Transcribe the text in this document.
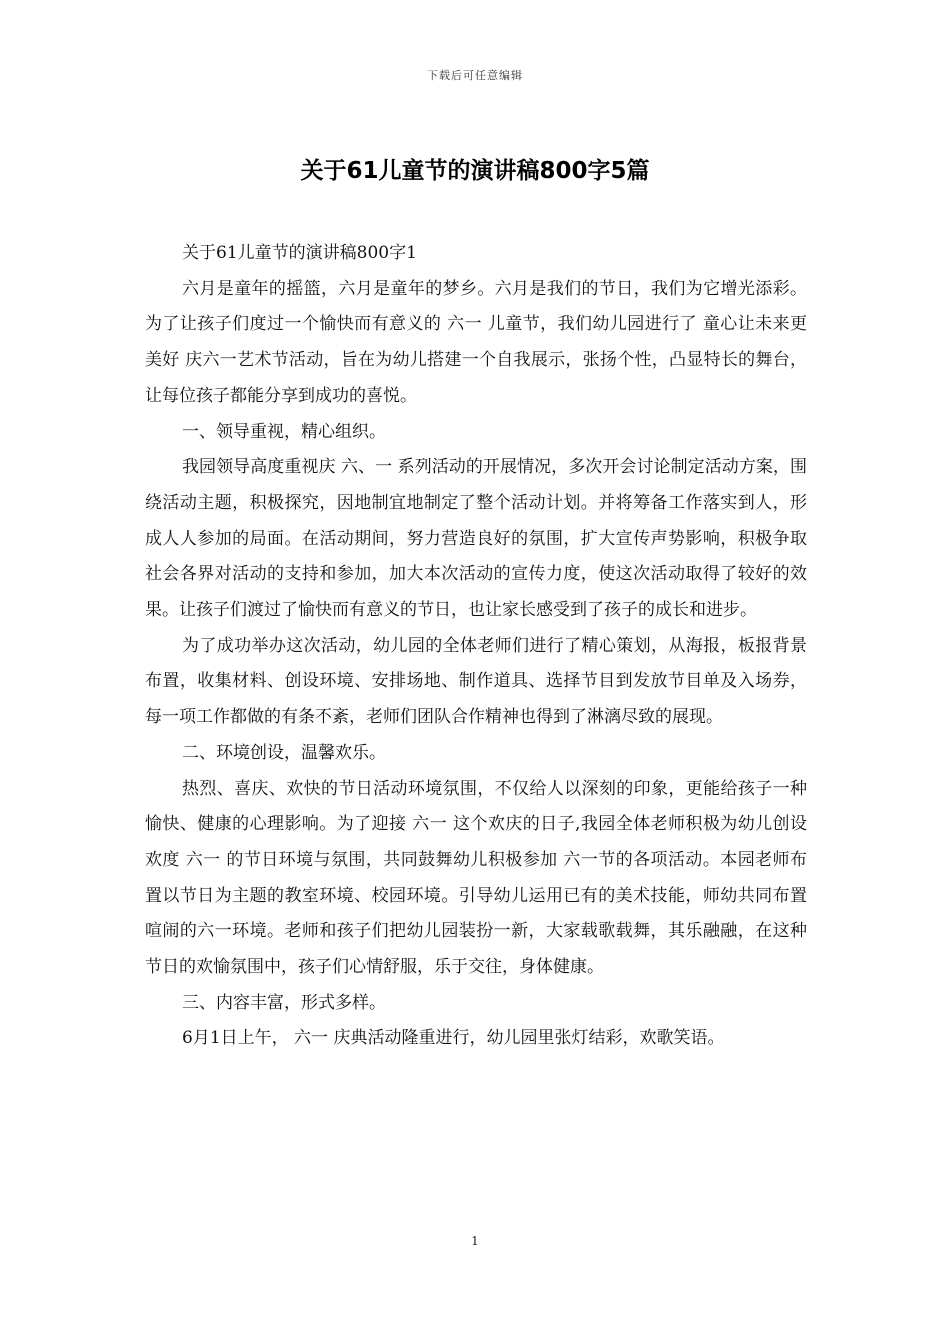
下载后可任意编辑
关于61儿童节的演讲稿800字5篇

关于61儿童节的演讲稿800字1

六月是童年的摇篮，六月是童年的梦乡。六月是我们的节日，我们为它增光添彩。 为了让孩子们度过一个愉快而有意义的 六一 儿童节，我们幼儿园进行了 童心让未来更美好 庆六一艺术节活动，旨在为幼儿搭建一个自我展示，张扬个性，凸显特长的舞台，让每位孩子都能分享到成功的喜悦。

一、领导重视，精心组织。

我园领导高度重视庆 六、一 系列活动的开展情况，多次开会讨论制定活动方案，围绕活动主题，积极探究，因地制宜地制定了整个活动计划。并将筹备工作落实到人，形成人人参加的局面。在活动期间，努力营造良好的氛围，扩大宣传声势影响，积极争取社会各界对活动的支持和参加，加大本次活动的宣传力度，使这次活动取得了较好的效果。让孩子们渡过了愉快而有意义的节日，也让家长感受到了孩子的成长和进步。

为了成功举办这次活动，幼儿园的全体老师们进行了精心策划，从海报，板报背景布置，收集材料、创设环境、安排场地、制作道具、选择节目到发放节目单及入场券，每一项工作都做的有条不紊，老师们团队合作精神也得到了淋漓尽致的展现。

二、环境创设，温馨欢乐。

热烈、喜庆、欢快的节日活动环境氛围，不仅给人以深刻的印象，更能给孩子一种愉快、健康的心理影响。为了迎接 六一 这个欢庆的日子,我园全体老师积极为幼儿创设欢度 六一 的节日环境与氛围，共同鼓舞幼儿积极参加 六一节的各项活动。本园老师布置以节日为主题的教室环境、校园环境。引导幼儿运用已有的美术技能，师幼共同布置喧闹的六一环境。老师和孩子们把幼儿园装扮一新，大家载歌载舞，其乐融融，在这种节日的欢愉氛围中，孩子们心情舒服，乐于交往，身体健康。

三、内容丰富，形式多样。

6月1日上午， 六一 庆典活动隆重进行，幼儿园里张灯结彩，欢歌笑语。

1
